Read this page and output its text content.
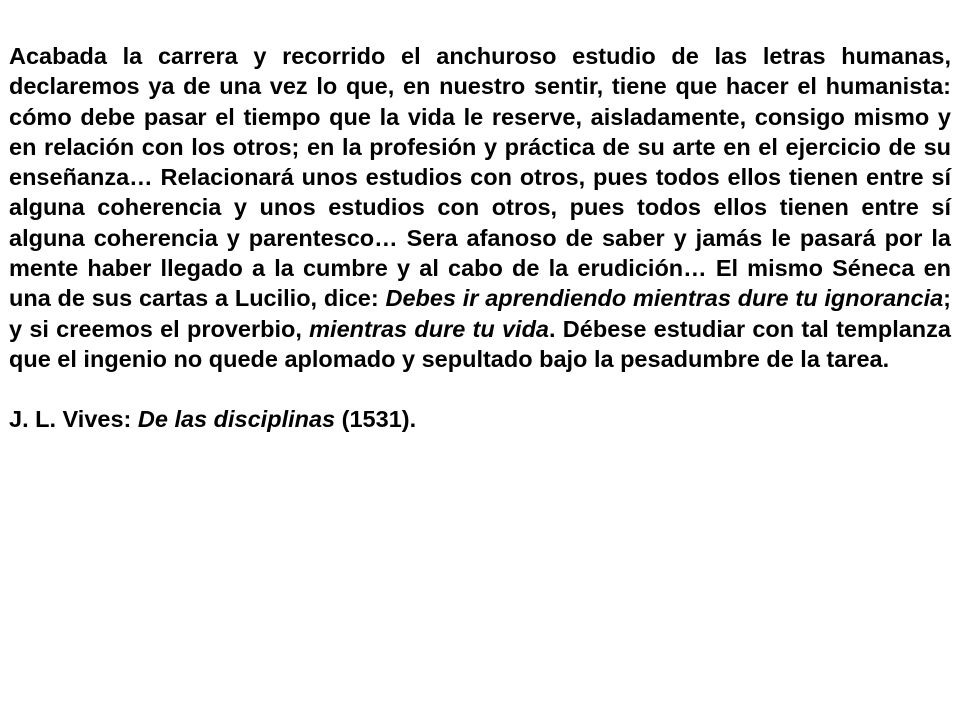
Acabada la carrera y recorrido el anchuroso estudio de las letras humanas, declaremos ya de una vez lo que, en nuestro sentir, tiene que hacer el humanista: cómo debe pasar el tiempo que la vida le reserve, aisladamente, consigo mismo y en relación con los otros; en la profesión y práctica de su arte en el ejercicio de su enseñanza… Relacionará unos estudios con otros, pues todos ellos tienen entre sí alguna coherencia y unos estudios con otros, pues todos ellos tienen entre sí alguna coherencia y parentesco… Sera afanoso de saber y jamás le pasará por la mente haber llegado a la cumbre y al cabo de la erudición… El mismo Séneca en una de sus cartas a Lucilio, dice: Debes ir aprendiendo mientras dure tu ignorancia; y si creemos el proverbio, mientras dure tu vida. Débese estudiar con tal templanza que el ingenio no quede aplomado y sepultado bajo la pesadumbre de la tarea.

J. L. Vives: De las disciplinas (1531).
